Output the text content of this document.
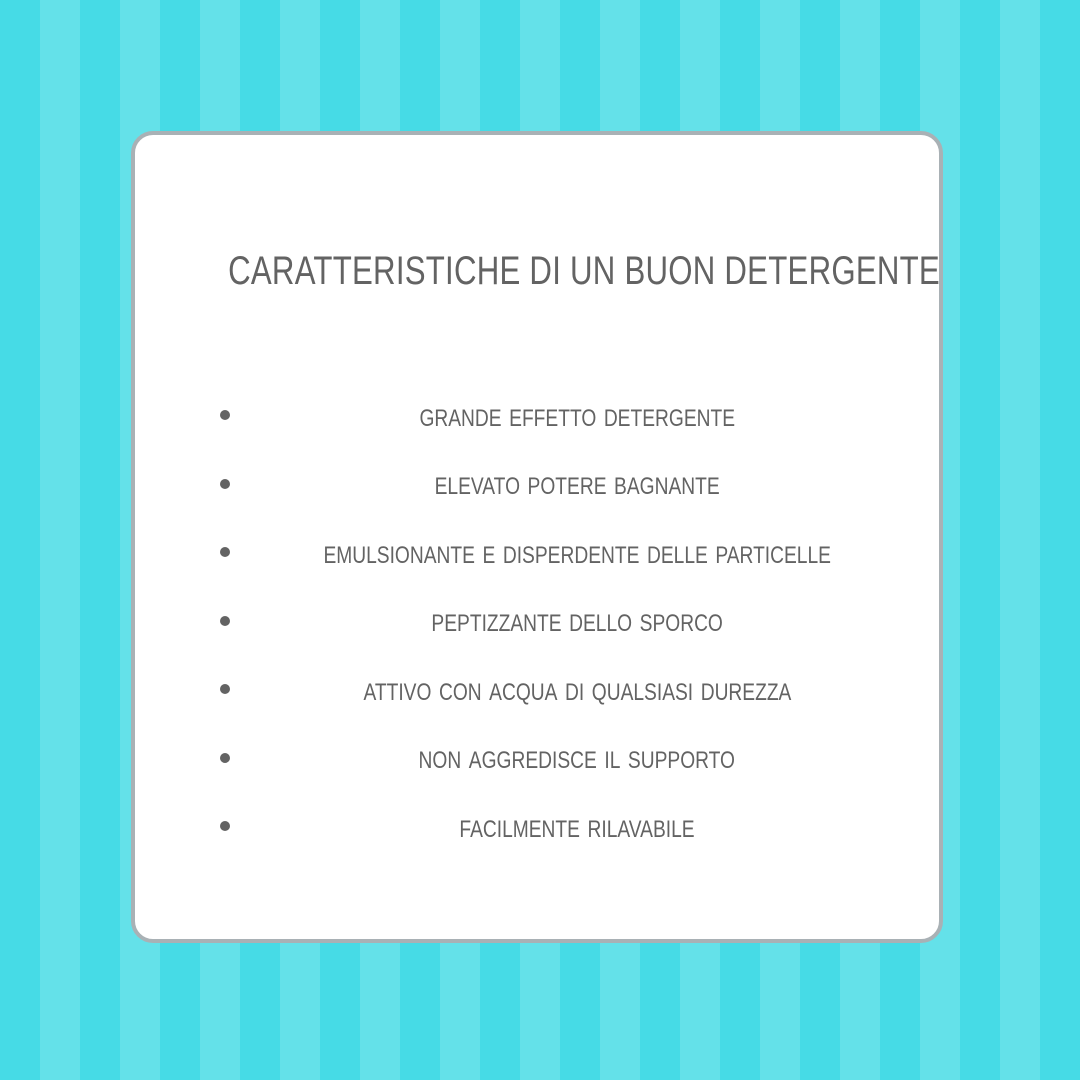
CARATTERISTICHE DI UN BUON DETERGENTE
grande effetto detergente
elevato potere bagnante
emulsionante e disperdente delle particelle
peptizzante dello sporco
attivo con acqua di qualsiasi durezza
non aggredisce il supporto
facilmente rilavabile
